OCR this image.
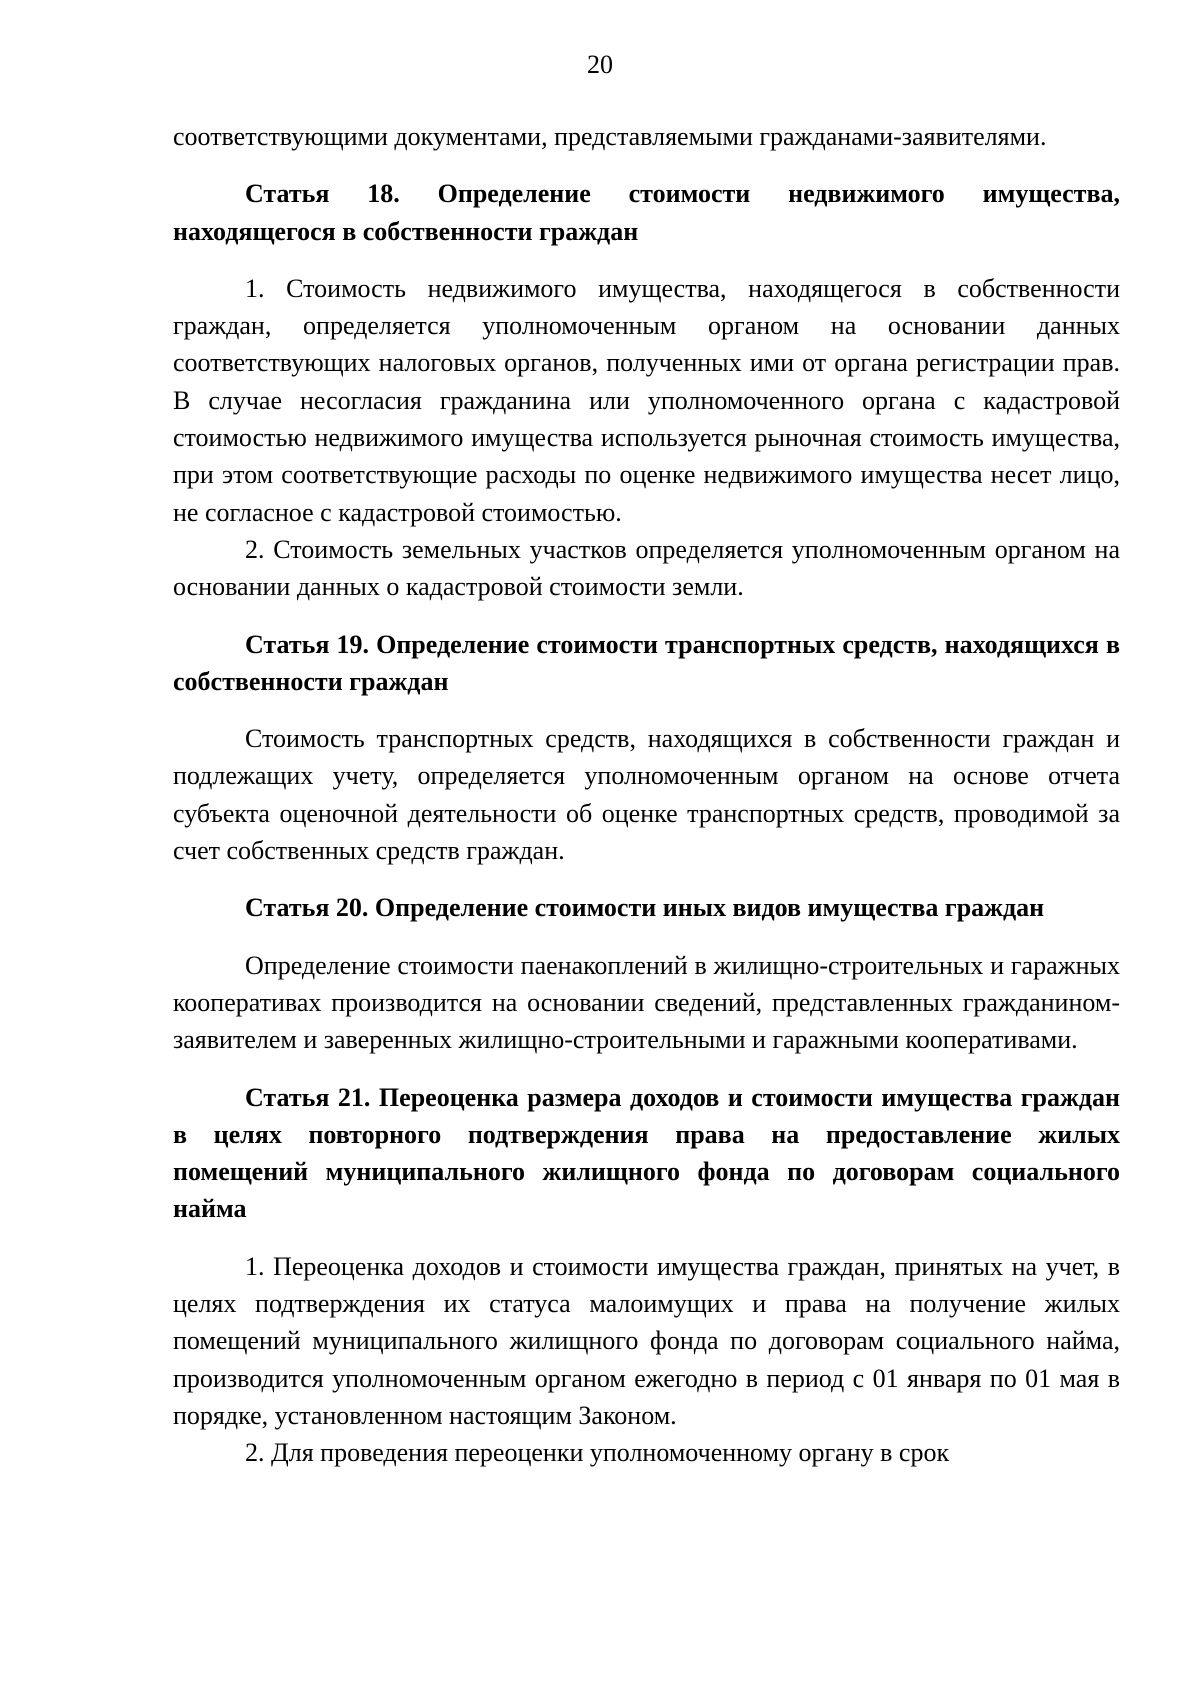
20

соответствующими документами, представляемыми гражданами-заявителями.

Статья 18. Определение стоимости недвижимого имущества, находящегося в собственности граждан

1. Стоимость недвижимого имущества, находящегося в собственности граждан, определяется уполномоченным органом на основании данных соответствующих налоговых органов, полученных ими от органа регистрации прав. В случае несогласия гражданина или уполномоченного органа с кадастровой стоимостью недвижимого имущества используется рыночная стоимость имущества, при этом соответствующие расходы по оценке недвижимого имущества несет лицо, не согласное с кадастровой стоимостью.

2. Стоимость земельных участков определяется уполномоченным органом на основании данных о кадастровой стоимости земли.

Статья 19. Определение стоимости транспортных средств, находящихся в собственности граждан

Стоимость транспортных средств, находящихся в собственности граждан и подлежащих учету, определяется уполномоченным органом на основе отчета субъекта оценочной деятельности об оценке транспортных средств, проводимой за счет собственных средств граждан.

Статья 20. Определение стоимости иных видов имущества граждан

Определение стоимости паенакоплений в жилищно-строительных и гаражных кооперативах производится на основании сведений, представленных гражданином-заявителем и заверенных жилищно-строительными и гаражными кооперативами.

Статья 21. Переоценка размера доходов и стоимости имущества граждан в целях повторного подтверждения права на предоставление жилых помещений муниципального жилищного фонда по договорам социального найма

1. Переоценка доходов и стоимости имущества граждан, принятых на учет, в целях подтверждения их статуса малоимущих и права на получение жилых помещений муниципального жилищного фонда по договорам социального найма, производится уполномоченным органом ежегодно в период с 01 января по 01 мая в порядке, установленном настоящим Законом.

2. Для проведения переоценки уполномоченному органу в срок
